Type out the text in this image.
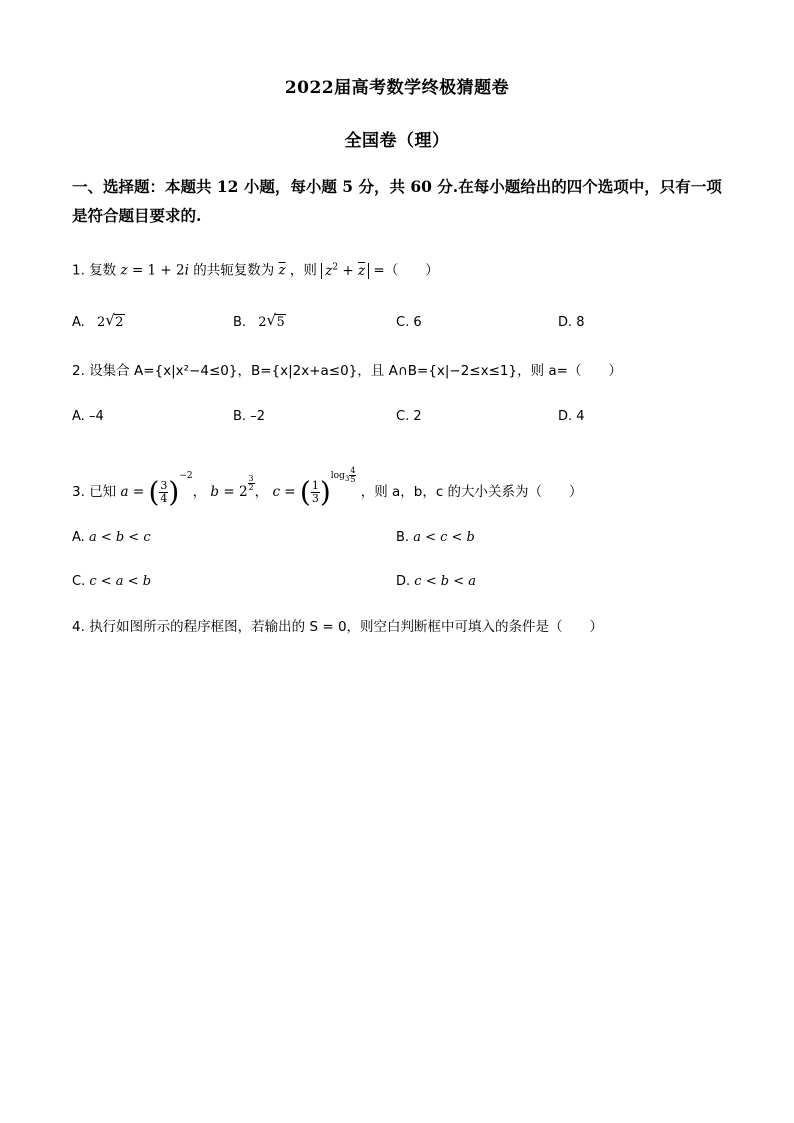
2022届高考数学终极猜题卷
全国卷（理）
一、选择题：本题共 12 小题，每小题 5 分，共 60 分.在每小题给出的四个选项中，只有一项
是符合题目要求的.
1. 复数 z = 1 + 2i 的共轭复数为 $\overline{z}$ ，则 $z^2 + \overline{z}$ =（　　）
A. 2 √ 2	B. 2 √ 5	C. 6	D. 8
2. 设集合 A={x|x²−4≤0}，B={x|2x+a≤0}，且 A∩B={x|−2≤x≤1}，则 a=（　　）
A. –4	B. –2	C. 2	D. 4
3. 已知 a = ( $\frac{3}{4} )^{-2}$， b = 2 $^{\frac{3}{2}}$ ， c = ( $\frac{1}{3} )^{log_3 \frac{4}{5}}$
，则 a，b，c 的大小关系为（　　）
A. a < b < c	B. a < c < b
C. c < a < b	D. c < b < a
4. 执行如图所示的程序框图，若输出的 S = 0，则空白判断框中可填入的条件是（　　）
